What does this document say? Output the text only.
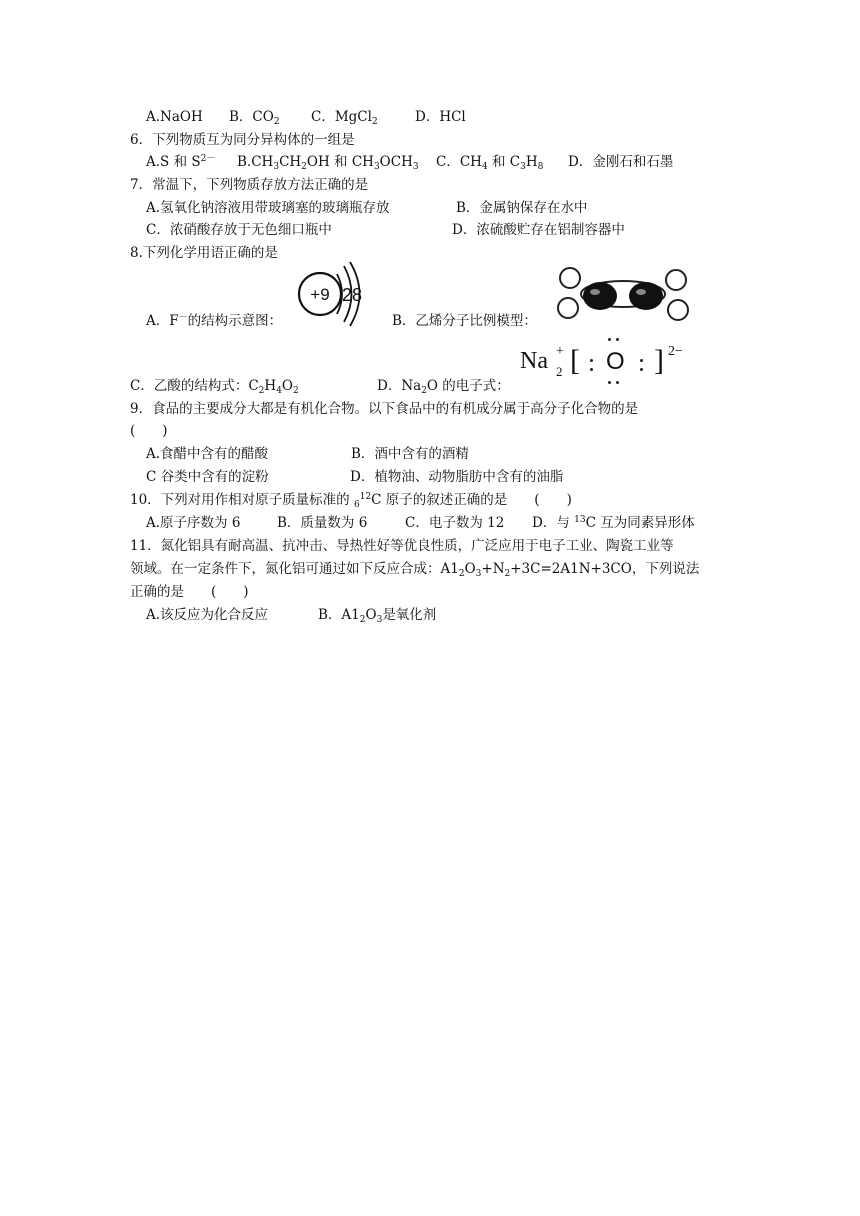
A.NaOH B．$CO_2$ C．MgCl$_2$	D．HCl
6．下列物质互为同分异构体的一组是
A.S 和 $S^{2-}$ $B.CH_3CH_2OH$ 和 $CH_3OCH_3$ C．$CH_4$ 和 $C_3H_8$ D．金刚石和石墨
7．常温下，下列物质存放方法正确的是
A.氢氧化钠溶液用带玻璃塞的玻璃瓶存放	B．金属钠保存在水中
C．浓硝酸存放于无色细口瓶中	D．浓硫酸贮存在铝制容器中
8.下列化学用语正确的是
A．F－的结构示意图：
+9 28
B．乙烯分子比例模型：
Na +
2 [ O ] 2−
C．乙酸的结构式：$C_2H_4O_2$	D．$Na_2O$ 的电子式：
9．食品的主要成分大都是有机化合物。以下食品中的有机成分属于高分子化合物的是
(　　)
A.食醋中含有的醋酸	B．酒中含有的酒精
C 谷类中含有的淀粉	D．植物油、动物脂肪中含有的油脂
10．下列对用作相对原子质量标准的 $_6^{12}$C 原子的叙述正确的是　　(　　)
A.原子序数为 6	B．质量数为 6	C．电子数为 12 D．与 $^{13}$C 互为同素异形体
11．氮化铝具有耐高温、抗冲击、导热性好等优良性质，广泛应用于电子工业、陶瓷工业等
领域。在一定条件下，氮化铝可通过如下反应合成：$A1_2O_3+N_2+3C=2A1N+3CO$，下列说法
正确的是　　(　　)
A.该反应为化合反应	B．$A1_2O_3$是氧化剂
